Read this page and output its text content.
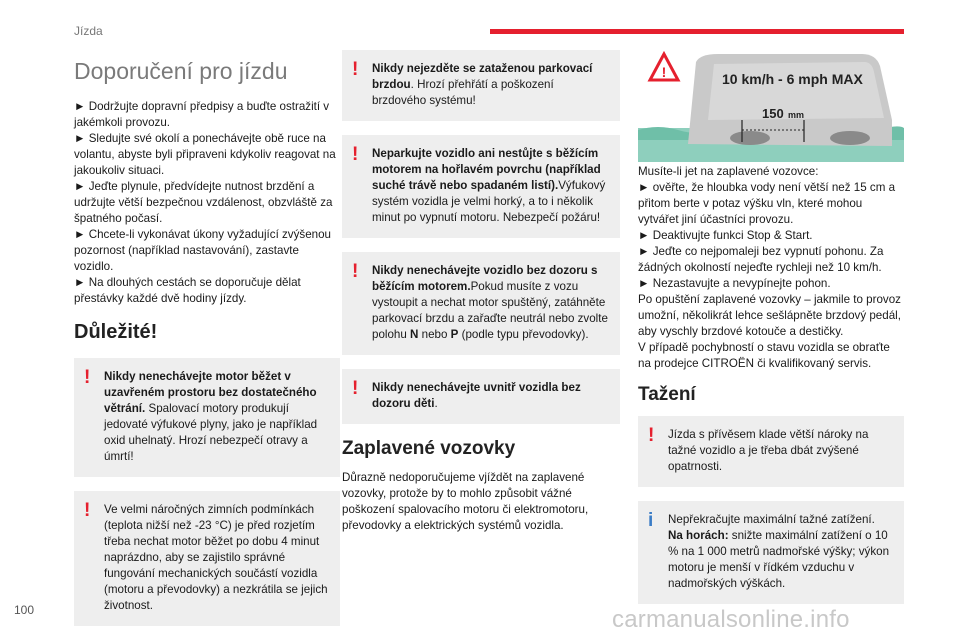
Jízda
Doporučení pro jízdu

► Dodržujte dopravní předpisy a buďte ostražití v jakémkoli provozu.

► Sledujte své okolí a ponechávejte obě ruce na volantu, abyste byli připraveni kdykoliv reagovat na jakoukoliv situaci.

► Jeďte plynule, předvídejte nutnost brzdění a udržujte větší bezpečnou vzdálenost, obzvláště za špatného počasí.

► Chcete-li vykonávat úkony vyžadující zvýšenou pozornost (například nastavování), zastavte vozidlo.

► Na dlouhých cestách se doporučuje dělat přestávky každé dvě hodiny jízdy.

Důležité!
!	Nikdy nenechávejte motor běžet v uzavřeném prostoru bez dostatečného větrání. Spalovací motory produkují jedovaté výfukové plyny, jako je například oxid uhelnatý. Hrozí nebezpečí otravy a úmrtí!
!	Ve velmi náročných zimních podmínkách (teplota nižší než -23 °C) je před rozjetím třeba nechat motor běžet po dobu 4 minut naprázdno, aby se zajistilo správné fungování mechanických součástí vozidla (motoru a převodovky) a nezkrátila se jejich životnost.
!	Nikdy nejezděte se zataženou parkovací brzdou. Hrozí přehřátí a poškození brzdového systému!
!	Neparkujte vozidlo ani nestůjte s běžícím motorem na hořlavém povrchu (například suché trávě nebo spadaném listí).Výfukový systém vozidla je velmi horký, a to i několik minut po vypnutí motoru. Nebezpečí požáru!
!	Nikdy nenechávejte vozidlo bez dozoru s běžícím motorem.Pokud musíte z vozu vystoupit a nechat motor spuštěný, zatáhněte parkovací brzdu a zařaďte neutrál nebo zvolte polohu N nebo P (podle typu převodovky).
!	Nikdy nenechávejte uvnitř vozidla bez dozoru děti.
Zaplavené vozovky
Důrazně nedoporučujeme vjíždět na zaplavené vozovky, protože by to mohlo způsobit vážné poškození spalovacího motoru či elektromotoru, převodovky a elektrických systémů vozidla.
!	10 km/h - 6 mph MAX
150 mm

Musíte-li jet na zaplavené vozovce:

► ověřte, že hloubka vody není větší než 15 cm a přitom berte v potaz výšku vln, které mohou vytvářet jiní účastníci provozu.

► Deaktivujte funkci Stop & Start.

► Jeďte co nejpomaleji bez vypnutí pohonu. Za žádných okolností nejeďte rychleji než 10 km/h.

► Nezastavujte a nevypínejte pohon.

Po opuštění zaplavené vozovky – jakmile to provoz umožní, několikrát lehce sešlápněte brzdový pedál, aby vyschly brzdové kotouče a destičky.

V případě pochybností o stavu vozidla se obraťte na prodejce CITROËN či kvalifikovaný servis.

Tažení
!	Jízda s přívěsem klade větší nároky na tažné vozidlo a je třeba dbát zvýšené opatrnosti.
i	Nepřekračujte maximální tažné zatížení.
Na horách: snižte maximální zatížení o 10 % na 1 000 metrů nadmořské výšky; výkon motoru je menší v řídkém vzduchu v nadmořských výškách.
100	carmanualsonline.info
